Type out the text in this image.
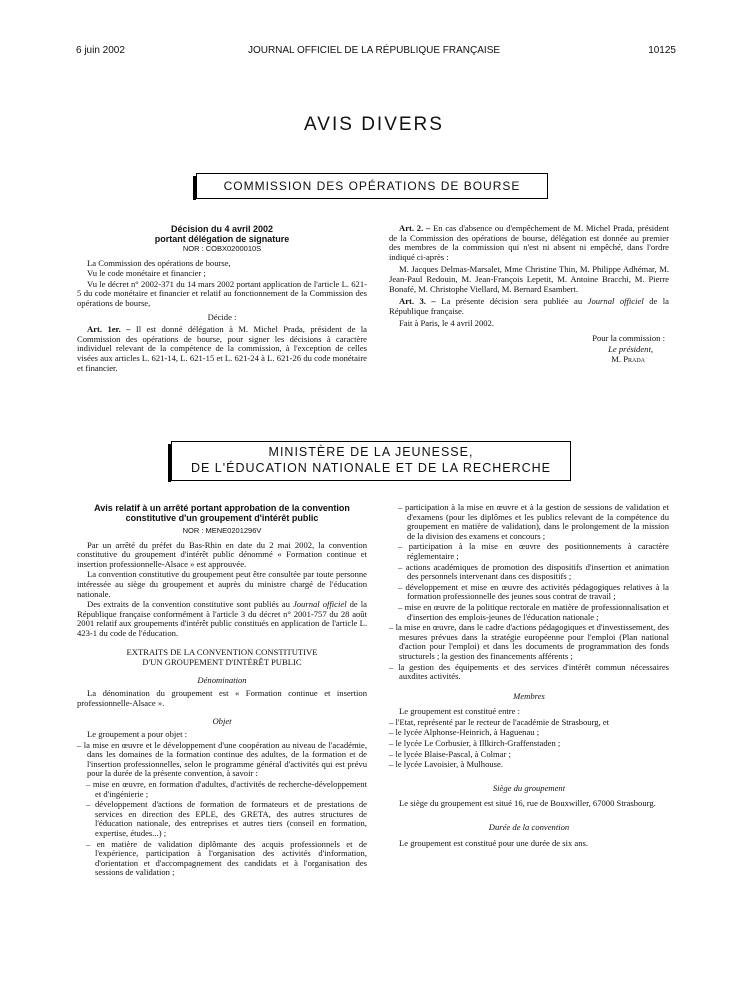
6 juin 2002	JOURNAL OFFICIEL DE LA RÉPUBLIQUE FRANÇAISE	10125
AVIS DIVERS
COMMISSION DES OPÉRATIONS DE BOURSE
Décision du 4 avril 2002
portant délégation de signature
NOR : COBX0200010S

La Commission des opérations de bourse,

Vu le code monétaire et financier ;

Vu le décret n° 2002-371 du 14 mars 2002 portant application de l'article L. 621-5 du code monétaire et financier et relatif au fonctionnement de la Commission des opérations de bourse,

Décide :

Art. 1er. – Il est donné délégation à M. Michel Prada, président de la Commission des opérations de bourse, pour signer les décisions à caractère individuel relevant de la compétence de la commission, à l'exception de celles visées aux articles L. 621-14, L. 621-15 et L. 621-24 à L. 621-26 du code monétaire et financier.

Art. 2. – En cas d'absence ou d'empêchement de M. Michel Prada, président de la Commission des opérations de bourse, délégation est donnée au premier des membres de la commission qui n'est ni absent ni empêché, dans l'ordre indiqué ci-après :

M. Jacques Delmas-Marsalet, Mme Christine Thin, M. Philippe Adhémar, M. Jean-Paul Redouin, M. Jean-François Lepetit, M. Antoine Bracchi, M. Pierre Bonafé, M. Christophe Viellard, M. Bernard Esambert.

Art. 3. – La présente décision sera publiée au Journal officiel de la République française.

Fait à Paris, le 4 avril 2002.

Pour la commission :

Le président,

M. Prada

MINISTÈRE DE LA JEUNESSE,
DE L'ÉDUCATION NATIONALE ET DE LA RECHERCHE
Avis relatif à un arrêté portant approbation de la convention constitutive d'un groupement d'intérêt public
NOR : MENE0201296V

Par un arrêté du préfet du Bas-Rhin en date du 2 mai 2002, la convention constitutive du groupement d'intérêt public dénommé « Formation continue et insertion professionnelle-Alsace » est approuvée.

La convention constitutive du groupement peut être consultée par toute personne intéressée au siège du groupement et auprès du ministre chargé de l'éducation nationale.

Des extraits de la convention constitutive sont publiés au Journal officiel de la République française conformément à l'article 3 du décret n° 2001-757 du 28 août 2001 relatif aux groupements d'intérêt public constitués en application de l'article L. 423-1 du code de l'éducation.

EXTRAITS DE LA CONVENTION CONSTITUTIVE

D'UN GROUPEMENT D'INTÉRÊT PUBLIC

Dénomination

La dénomination du groupement est « Formation continue et insertion professionnelle-Alsace ».

Objet

Le groupement a pour objet :

– la mise en œuvre et le développement d'une coopération au niveau de l'académie, dans les domaines de la formation continue des adultes, de la formation et de l'insertion professionnelles, selon le programme général d'activités qui est prévu pour la durée de la présente convention, à savoir :

– mise en œuvre, en formation d'adultes, d'activités de recherche-développement et d'ingénierie ;

– développement d'actions de formation de formateurs et de prestations de services en direction des EPLE, des GRETA, des autres structures de l'éducation nationale, des entreprises et autres tiers (conseil en formation, expertise, études...) ;

– en matière de validation diplômante des acquis professionnels et de l'expérience, participation à l'organisation des activités d'information, d'orientation et d'accompagnement des candidats et à l'organisation des sessions de validation ;

– participation à la mise en œuvre et à la gestion de sessions de validation et d'examens (pour les diplômes et les publics relevant de la compétence du groupement en matière de validation), dans le prolongement de la mission de la division des examens et concours ;

– participation à la mise en œuvre des positionnements à caractère réglementaire ;

– actions académiques de promotion des dispositifs d'insertion et animation des personnels intervenant dans ces dispositifs ;

– développement et mise en œuvre des activités pédagogiques relatives à la formation professionnelle des jeunes sous contrat de travail ;

– mise en œuvre de la politique rectorale en matière de professionnalisation et d'insertion des emplois-jeunes de l'éducation nationale ;

– la mise en œuvre, dans le cadre d'actions pédagogiques et d'investissement, des mesures prévues dans la stratégie européenne pour l'emploi (Plan national d'action pour l'emploi) et dans les documents de programmation des fonds structurels ; la gestion des financements afférents ;

– la gestion des équipements et des services d'intérêt commun nécessaires auxdites activités.

Membres

Le groupement est constitué entre :

– l'Etat, représenté par le recteur de l'académie de Strasbourg, et

– le lycée Alphonse-Heinrich, à Haguenau ;

– le lycée Le Corbusier, à Illkirch-Graffenstaden ;

– le lycée Blaise-Pascal, à Colmar ;

– le lycée Lavoisier, à Mulhouse.

Siège du groupement

Le siège du groupement est situé 16, rue de Bouxwiller, 67000 Strasbourg.

Durée de la convention

Le groupement est constitué pour une durée de six ans.
